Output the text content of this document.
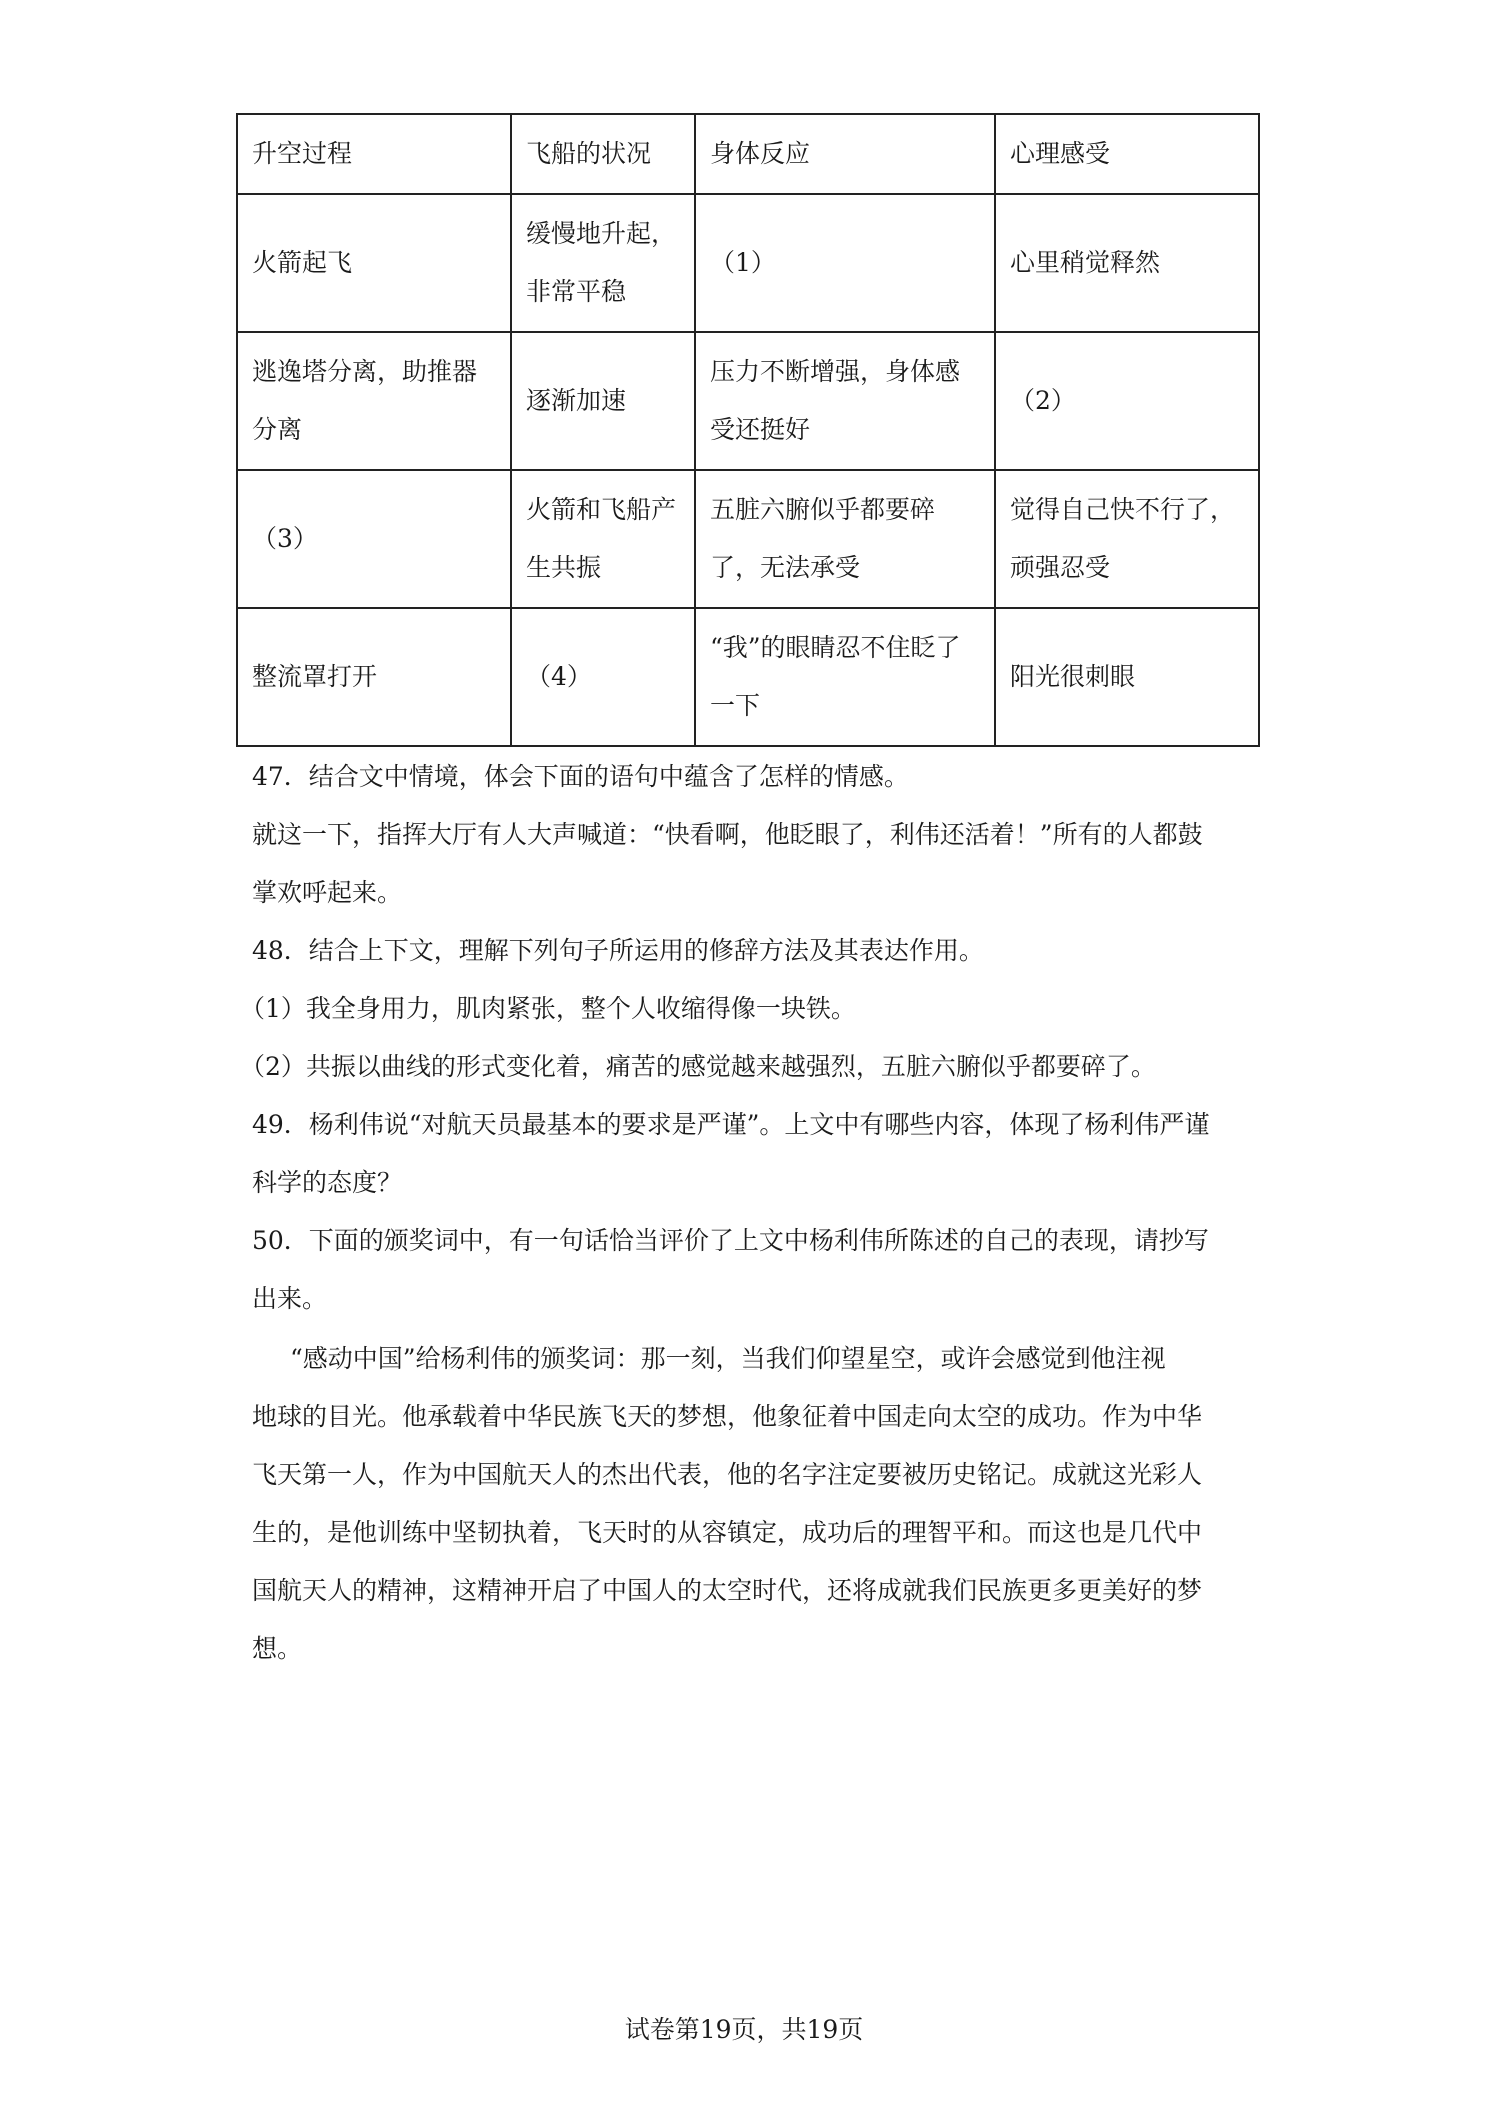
升空过程	飞船的状况	身体反应	心理感受
火箭起飞	缓慢地升起，非常平稳	（1）	心里稍觉释然
逃逸塔分离，助推器分离	逐渐加速	压力不断增强，身体感受还挺好	（2）
（3）	火箭和飞船产生共振	五脏六腑似乎都要碎了，无法承受	觉得自己快不行了，顽强忍受
整流罩打开	（4）	“我”的眼睛忍不住眨了一下	阳光很刺眼
47．结合文中情境，体会下面的语句中蕴含了怎样的情感。
就这一下，指挥大厅有人大声喊道：“快看啊，他眨眼了，利伟还活着！”所有的人都鼓
掌欢呼起来。
48．结合上下文，理解下列句子所运用的修辞方法及其表达作用。
（1）我全身用力，肌肉紧张，整个人收缩得像一块铁。
（2）共振以曲线的形式变化着，痛苦的感觉越来越强烈，五脏六腑似乎都要碎了。
49．杨利伟说“对航天员最基本的要求是严谨”。上文中有哪些内容，体现了杨利伟严谨
科学的态度？
50．下面的颁奖词中，有一句话恰当评价了上文中杨利伟所陈述的自己的表现，请抄写
出来。
“感动中国”给杨利伟的颁奖词：那一刻，当我们仰望星空，或许会感觉到他注视
地球的目光。他承载着中华民族飞天的梦想，他象征着中国走向太空的成功。作为中华
飞天第一人，作为中国航天人的杰出代表，他的名字注定要被历史铭记。成就这光彩人
生的，是他训练中坚韧执着，飞天时的从容镇定，成功后的理智平和。而这也是几代中
国航天人的精神，这精神开启了中国人的太空时代，还将成就我们民族更多更美好的梦
想。
试卷第19页，共19页
